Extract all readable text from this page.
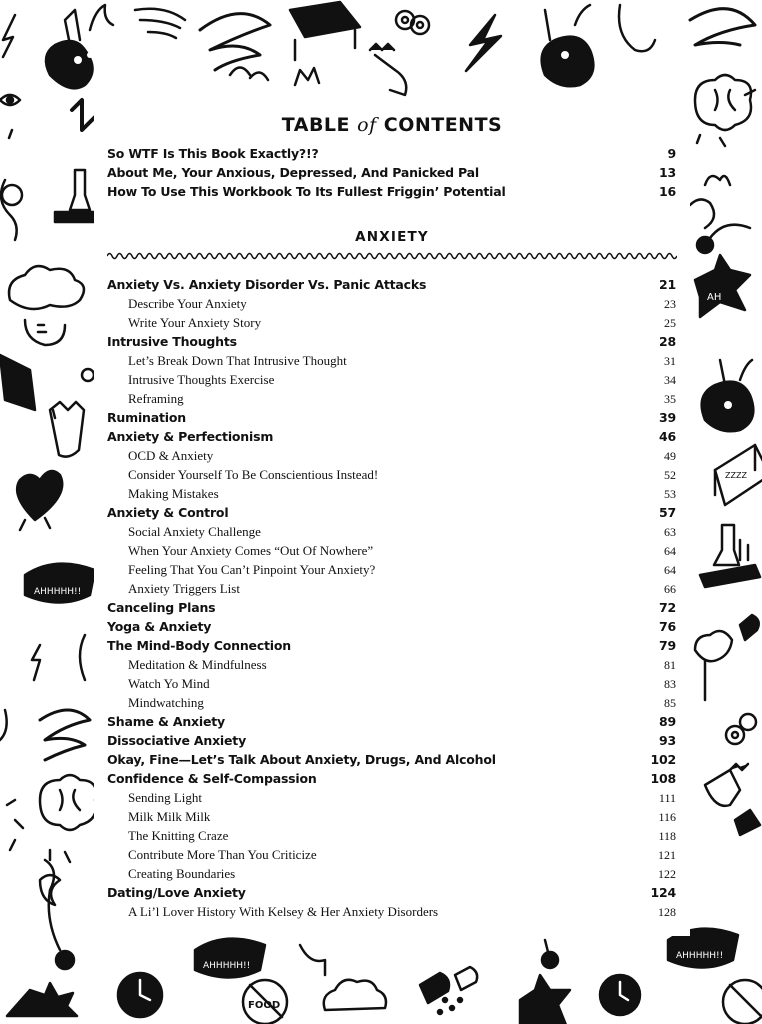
AHHHHH!!
AH
ZZZZ
AHHHHH!!
AHHHHH!!
FOOD
TABLE of CONTENTS
So WTF Is This Book Exactly?!?	9
About Me, Your Anxious, Depressed, And Panicked Pal	13
How To Use This Workbook To Its Fullest Friggin’ Potential	16
ANXIETY
Anxiety Vs. Anxiety Disorder Vs. Panic Attacks	21
Describe Your Anxiety	23
Write Your Anxiety Story	25
Intrusive Thoughts	28
Let’s Break Down That Intrusive Thought	31
Intrusive Thoughts Exercise	34
Reframing	35
Rumination	39
Anxiety & Perfectionism	46
OCD & Anxiety	49
Consider Yourself To Be Conscientious Instead!	52
Making Mistakes	53
Anxiety & Control	57
Social Anxiety Challenge	63
When Your Anxiety Comes “Out Of Nowhere”	64
Feeling That You Can’t Pinpoint Your Anxiety?	64
Anxiety Triggers List	66
Canceling Plans	72
Yoga & Anxiety	76
The Mind-Body Connection	79
Meditation & Mindfulness	81
Watch Yo Mind	83
Mindwatching	85
Shame & Anxiety	89
Dissociative Anxiety	93
Okay, Fine—Let’s Talk About Anxiety, Drugs, And Alcohol	102
Confidence & Self-Compassion	108
Sending Light	111
Milk Milk Milk	116
The Knitting Craze	118
Contribute More Than You Criticize	121
Creating Boundaries	122
Dating/Love Anxiety	124
A Li’l Lover History With Kelsey & Her Anxiety Disorders	128
